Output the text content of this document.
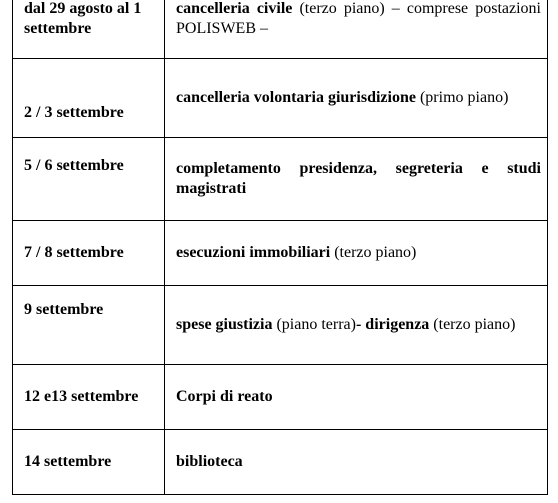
dal 29 agosto al 1 settembre	cancelleria civile (terzo piano) – comprese postazioni POLISWEB –
2 / 3 settembre	cancelleria volontaria giurisdizione (primo piano)
5 / 6 settembre	completamento presidenza, segreteria e studi magistrati
7 / 8 settembre	esecuzioni immobiliari (terzo piano)
9 settembre	spese giustizia (piano terra)- dirigenza (terzo piano)
12 e13 settembre	Corpi di reato
14 settembre	biblioteca
